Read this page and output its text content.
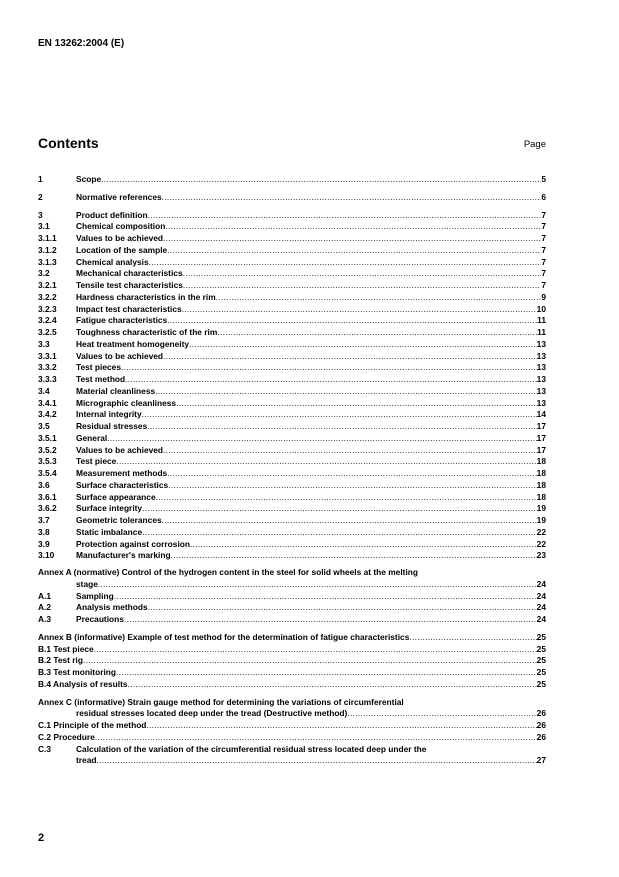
EN 13262:2004 (E)
Contents	Page
1	Scope .....	5
2	Normative references .....	6
3	Product definition .....	7
3.1	Chemical composition .....	7
3.1.1	Values to be achieved .....	7
3.1.2	Location of the sample .....	7
3.1.3	Chemical analysis .....	7
3.2	Mechanical characteristics .....	7
3.2.1	Tensile test characteristics .....	7
3.2.2	Hardness characteristics in the rim .....	9
3.2.3	Impact test characteristics .....	10
3.2.4	Fatigue characteristics .....	11
3.2.5	Toughness characteristic of the rim .....	11
3.3	Heat treatment homogeneity .....	13
3.3.1	Values to be achieved .....	13
3.3.2	Test pieces .....	13
3.3.3	Test method .....	13
3.4	Material cleanliness .....	13
3.4.1	Micrographic cleanliness .....	13
3.4.2	Internal integrity .....	14
3.5	Residual stresses .....	17
3.5.1	General .....	17
3.5.2	Values to be achieved .....	17
3.5.3	Test piece .....	18
3.5.4	Measurement methods .....	18
3.6	Surface characteristics .....	18
3.6.1	Surface appearance .....	18
3.6.2	Surface integrity .....	19
3.7	Geometric tolerances .....	19
3.8	Static imbalance .....	22
3.9	Protection against corrosion .....	22
3.10	Manufacturer's marking .....	23
Annex A (normative) Control of the hydrogen content in the steel for solid wheels at the melting
stage .....	24
A.1	Sampling .....	24
A.2	Analysis methods .....	24
A.3	Precautions .....	24
Annex B (informative) Example of test method for the determination of fatigue characteristics .....	25
B.1 Test piece .....	25
B.2 Test rig .....	25
B.3 Test monitoring .....	25
B.4 Analysis of results .....	25
Annex C (informative) Strain gauge method for determining the variations of circumferential
residual stresses located deep under the tread (Destructive method) .....	26
C.1 Principle of the method .....	26
C.2 Procedure .....	26
C.3	Calculation of the variation of the circumferential residual stress located deep under the
tread .....	27
2
